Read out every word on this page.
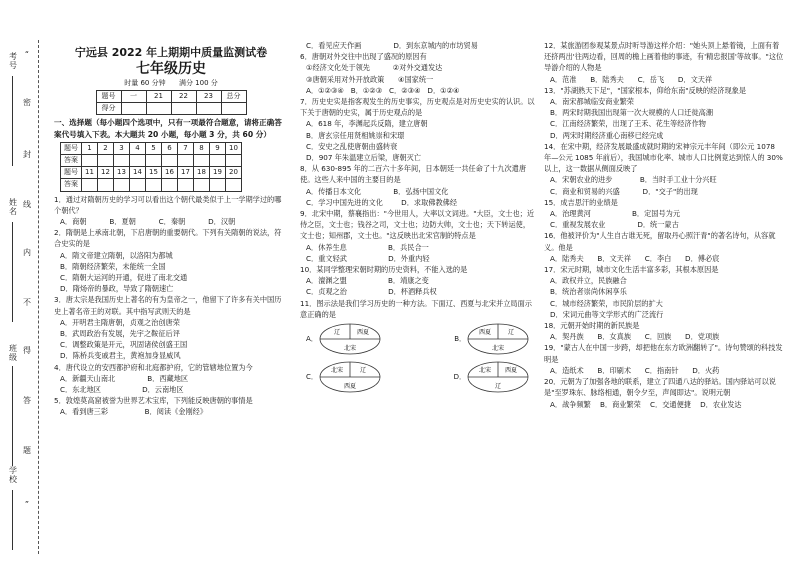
密
封
线
内
不
得
答
题
“
”
考号
姓名
班级
学校
宁远县 2022 年上期期中质量监测试卷
七年级历史
时量 60 分钟 满分 100 分
题号	一	21	22	23	总分
得分					
一、选择题（每小题四个选项中，只有一项最符合题意，请将正确答案代号填入下表。本大题共 20 小题，每小题 3 分，共 60 分）
题号	1	2	3	4	5	6	7	8	9	10
答案										
题号	11	12	13	14	15	16	17	18	19	20
答案										

1．通过对隋朝历史的学习可以看出这个朝代最类似于上一学期学过的哪个朝代？

A．商朝          B．夏朝          C．秦朝          D．汉朝

2．隋朝是上承南北朝，下启唐朝的重要朝代。下列有关隋朝的说法，符合史实的是

A．隋文帝建立隋朝，以洛阳为都城

B．隋朝经济繁荣，未能统一全国

C．隋朝大运河的开通，促进了南北交通

D．隋炀帝的暴政，导致了隋朝速亡

3．唐太宗是我国历史上著名的有为皇帝之一，他留下了许多有关中国历史上著名帝王的对联。其中指写武则天的是

A．开明君主隋唐朝，贞观之治创唐荣

B．武周政治有发展，先宇之鞍征后评

C．调整政策是开元，巩固诸侯创盛王国

D．陈桥兵变戚君主，黄袍加身显威风

4．唐代设立的安西都护府和北庭都护府，它的管辖地位置为今

A．新疆天山南北              B．西藏地区

C．东北地区                  D．云南地区

5．敦煌莫高窟被誉为世界艺术宝库，下列能反映唐朝的事情是

A．看到唐三彩                B．阅读《金刚经》

C．看见应天作画              D．到东京城内的市坊贸易

6．唐朝对外交往中出现了盛况的原因有

①经济文化处于领先          ②对外交通发达

③唐朝采用对外开放政策      ④国家统一

A．①②③④   B．①②③   C．②③④   D．①②④

7．历史史实是指客观发生的历史事实，历史观点是对历史史实的认识。以下关于唐朝的史实，属于历史观点的是

A．618 年，李渊起兵反隋，建立唐朝

B．唐玄宗任用贤相姚崇和宋璟

C．安史之乱使唐朝由盛转衰

D．907 年朱温建立后梁，唐朝灭亡

8．从 630-895 年的二百六十多年间，日本朝廷一共任命了十九次遣唐使。这些人来中国的主要目的是

A．传播日本文化              B．弘扬中国文化

C．学习中国先进的文化        D．求取佛教佛经

9．北宋中期，蔡襄指出："今世用人，大率以文词进。"大臣，文士也；近侍之臣，文士也；钱谷之司，文士也；边防大帅，文士也；天下转运使，文士也；知州郡，文士也。"这反映出北宋官制的特点是

A．休养生息                  B．兵民合一

C．重文轻武                  D．外重内轻

10．某同学整理宋朝时期的历史资料，不能入选的是

A．澶渊之盟                  B．靖康之变

C．贞观之治                  D．杯酒释兵权

11．图示法是我们学习历史的一种方法。下面辽、西夏与北宋并立局面示意正确的是

A．
辽	西夏
北宋
B．
西夏	辽
北宋
C．
北宋	辽
西夏
D．
北宋 西夏
辽

12．某旅游团参观某景点时听导游这样介绍："她头顶上悬着镜，上面有着还挤两出'往两边看，回周的檐上画着他的事迹，有'精忠报国'等故事。"这位导游介绍的人物是

A．范准      B．陆秀夫      C．岳飞      D．文天祥

13．"苏湖熟天下足"，"国家根本，仰给东南"反映的经济现象是

A．南宋都城临安商业繁荣

B．两宋时期我国出现第一次大规模的人口迁徙高潮

C．江南经济繁荣，出现了王禾、花生等经济作物

D．两宋时期经济重心南移已经完成

14．在宋中期，经济发展最盛成就时期的宋神宗元丰年间（即公元 1078 年—公元 1085 年前后），我国城市化率、城市人口比例竟达到惊人的 30%以上，这一数据从侧面反映了

A．宋朝农业的进步            B．当时手工业十分兴旺

C．商业和贸易的兴盛          D．"交子"的出现

15．成吉思汗的业绩是

A．治理黄河                  B．定国号为元

C．重视发展农业              D．统一蒙古

16．他被评价为"人生自古谁无死，留取丹心照汗青"的著名诗句，从容就义。他是

A．陆秀夫      B．文天祥      C．李白      D．傅必宸

17．宋元时期，城市文化生活丰富多彩，其根本原因是

A．政权并立，民族融合

B．统治者崇尚休闲享乐

C．城市经济繁荣，市民阶层的扩大

D．宋词元曲等文学形式的广泛流行

18．元朝开始时期的新民族是

A．契丹族      B．女真族      C．回族      D．党项族

19．"蒙古人在中国一步跨，却把他在东方欧洲翻转了"。诗句赞颂的科技发明是

A．造纸术      B．印刷术      C．指南针      D．火药

20．元朝为了加强各地的联系，建立了四通八达的驿站。国内驿站可以说是"至罗珠东、脉络相通，朝令夕至，声闻即达"。说明元朝

A．战争频繁    B．商业繁荣    C．交通便捷    D．农业发达
